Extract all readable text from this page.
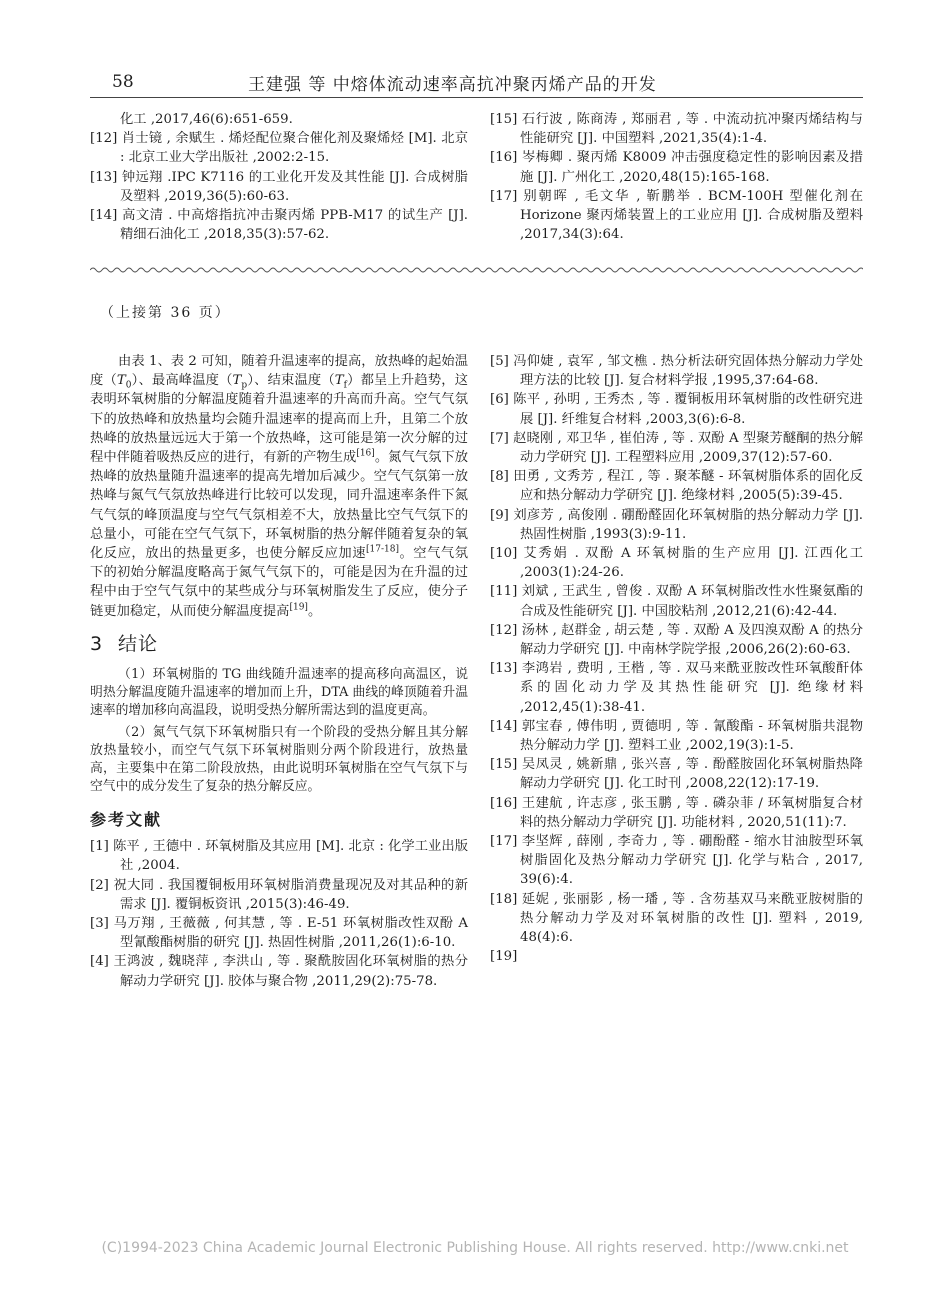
58	王建强 等 中熔体流动速率高抗冲聚丙烯产品的开发

化工 ,2017,46(6):651-659.

[12] 肖士镜 , 余赋生 . 烯烃配位聚合催化剂及聚烯烃 [M]. 北京 : 北京工业大学出版社 ,2002:2-15.

[13] 钟远翔 .IPC K7116 的工业化开发及其性能 [J]. 合成树脂及塑料 ,2019,36(5):60-63.

[14] 高文清 . 中高熔指抗冲击聚丙烯 PPB-M17 的试生产 [J]. 精细石油化工 ,2018,35(3):57-62.

[15] 石行波 , 陈商涛 , 郑丽君 , 等 . 中流动抗冲聚丙烯结构与性能研究 [J]. 中国塑料 ,2021,35(4):1-4.

[16] 岑梅卿 . 聚丙烯 K8009 冲击强度稳定性的影响因素及措施 [J]. 广州化工 ,2020,48(15):165-168.

[17] 别朝晖 , 毛文华 , 靳鹏举 . BCM-100H 型催化剂在 Horizone 聚丙烯装置上的工业应用 [J]. 合成树脂及塑料 ,2017,34(3):64.

（上接第 36 页）

由表 1、表 2 可知，随着升温速率的提高，放热峰的起始温度$(T_0)$、最高峰温度$(T_p)$、结束温度$(T_f)$都呈上升趋势，这表明环氧树脂的分解温度随着升温速率的升高而升高。空气气氛下的放热峰和放热量均会随升温速率的提高而上升，且第二个放热峰的放热量远远大于第一个放热峰，这可能是第一次分解的过程中伴随着吸热反应的进行，有新的产物生成[16]。氮气气氛下放热峰的放热量随升温速率的提高先增加后减少。空气气氛第一放热峰与氮气气氛放热峰进行比较可以发现，同升温速率条件下氮气气氛的峰顶温度与空气气氛相差不大，放热量比空气气氛下的总量小，可能在空气气氛下，环氧树脂的热分解伴随着复杂的氧化反应，放出的热量更多，也使分解反应加速[17-18]。空气气氛下的初始分解温度略高于氮气气氛下的，可能是因为在升温的过程中由于空气气氛中的某些成分与环氧树脂发生了反应，使分子链更加稳定，从而使分解温度提高[19]。

3 结论

（1）环氧树脂的 TG 曲线随升温速率的提高移向高温区，说明热分解温度随升温速率的增加而上升，DTA 曲线的峰顶随着升温速率的增加移向高温段，说明受热分解所需达到的温度更高。

（2）氮气气氛下环氧树脂只有一个阶段的受热分解且其分解放热量较小，而空气气氛下环氧树脂则分两个阶段进行，放热量高，主要集中在第二阶段放热，由此说明环氧树脂在空气气氛下与空气中的成分发生了复杂的热分解反应。

参考文献

[1] 陈平 , 王德中 . 环氧树脂及其应用 [M]. 北京 : 化学工业出版社 ,2004.

[2] 祝大同 . 我国覆铜板用环氧树脂消费量现况及对其品种的新需求 [J]. 覆铜板资讯 ,2015(3):46-49.

[3] 马万翔 , 王薇薇 , 何其慧 , 等 . E-51 环氧树脂改性双酚 A 型氰酸酯树脂的研究 [J]. 热固性树脂 ,2011,26(1):6-10.

[4] 王鸿波 , 魏晓萍 , 李洪山 , 等 . 聚酰胺固化环氧树脂的热分解动力学研究 [J]. 胶体与聚合物 ,2011,29(2):75-78.

[5] 冯仰婕 , 袁军 , 邹文樵 . 热分析法研究固体热分解动力学处理方法的比较 [J]. 复合材料学报 ,1995,37:64-68.

[6] 陈平 , 孙明 , 王秀杰 , 等 . 覆铜板用环氧树脂的改性研究进展 [J]. 纤维复合材料 ,2003,3(6):6-8.

[7] 赵晓刚 , 邓卫华 , 崔伯涛 , 等 . 双酚 A 型聚芳醚酮的热分解动力学研究 [J]. 工程塑料应用 ,2009,37(12):57-60.

[8] 田勇 , 文秀芳 , 程江 , 等 . 聚苯醚 - 环氧树脂体系的固化反应和热分解动力学研究 [J]. 绝缘材料 ,2005(5):39-45.

[9] 刘彦芳 , 高俊刚 . 硼酚醛固化环氧树脂的热分解动力学 [J]. 热固性树脂 ,1993(3):9-11.

[10] 艾秀娟 . 双酚 A 环氧树脂的生产应用 [J]. 江西化工 ,2003(1):24-26.

[11] 刘斌 , 王武生 , 曾俊 . 双酚 A 环氧树脂改性水性聚氨酯的合成及性能研究 [J]. 中国胶粘剂 ,2012,21(6):42-44.

[12] 汤林 , 赵群金 , 胡云楚 , 等 . 双酚 A 及四溴双酚 A 的热分解动力学研究 [J]. 中南林学院学报 ,2006,26(2):60-63.

[13] 李鸿岩 , 费明 , 王楷 , 等 . 双马来酰亚胺改性环氧酸酐体系的固化动力学及其热性能研究 [J]. 绝缘材料 ,2012,45(1):38-41.

[14] 郭宝春 , 傅伟明 , 贾德明 , 等 . 氰酸酯 - 环氧树脂共混物热分解动力学 [J]. 塑料工业 ,2002,19(3):1-5.

[15] 吴凤灵 , 姚新鼎 , 张兴喜 , 等 . 酚醛胺固化环氧树脂热降解动力学研究 [J]. 化工时刊 ,2008,22(12):17-19.

[16] 王建航 , 许志彦 , 张玉鹏 , 等 . 磷杂菲 / 环氧树脂复合材料的热分解动力学研究 [J]. 功能材料 , 2020,51(11):7.

[17] 李坚辉 , 薛刚 , 李奇力 , 等 . 硼酚醛 - 缩水甘油胺型环氧树脂固化及热分解动力学研究 [J]. 化学与粘合 , 2017, 39(6):4.

[18] 延妮 , 张丽影 , 杨一璠 , 等 . 含芴基双马来酰亚胺树脂的热分解动力学及对环氧树脂的改性 [J]. 塑料 , 2019, 48(4):6.

[19]

(C)1994-2023 China Academic Journal Electronic Publishing House. All rights reserved. http://www.cnki.net
